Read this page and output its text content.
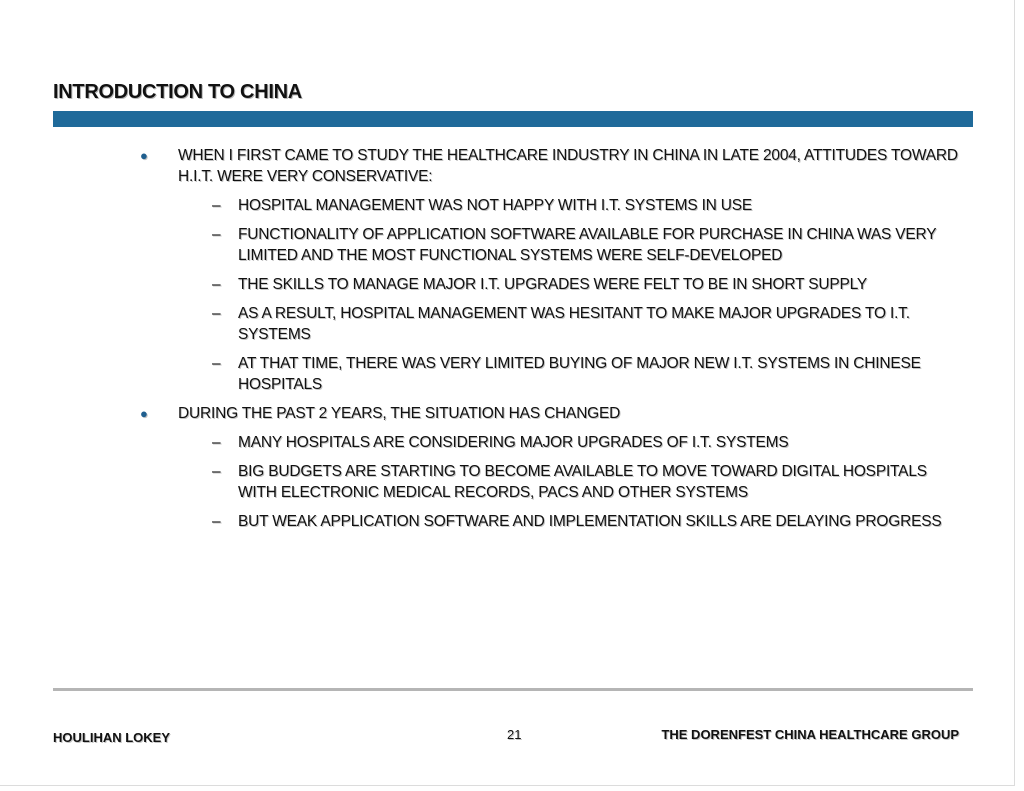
INTRODUCTION TO CHINA
● WHEN I FIRST CAME TO STUDY THE HEALTHCARE INDUSTRY IN CHINA IN LATE 2004, ATTITUDES TOWARD H.I.T. WERE VERY CONSERVATIVE:
– HOSPITAL MANAGEMENT WAS NOT HAPPY WITH I.T. SYSTEMS IN USE
– FUNCTIONALITY OF APPLICATION SOFTWARE AVAILABLE FOR PURCHASE IN CHINA WAS VERY LIMITED AND THE MOST FUNCTIONAL SYSTEMS WERE SELF-DEVELOPED
– THE SKILLS TO MANAGE MAJOR I.T. UPGRADES WERE FELT TO BE IN SHORT SUPPLY
– AS A RESULT, HOSPITAL MANAGEMENT WAS HESITANT TO MAKE MAJOR UPGRADES TO I.T. SYSTEMS
– AT THAT TIME, THERE WAS VERY LIMITED BUYING OF MAJOR NEW I.T. SYSTEMS IN CHINESE HOSPITALS
● DURING THE PAST 2 YEARS, THE SITUATION HAS CHANGED
– MANY HOSPITALS ARE CONSIDERING MAJOR UPGRADES OF I.T. SYSTEMS
– BIG BUDGETS ARE STARTING TO BECOME AVAILABLE TO MOVE TOWARD DIGITAL HOSPITALS WITH ELECTRONIC MEDICAL RECORDS, PACS AND OTHER SYSTEMS
– BUT WEAK APPLICATION SOFTWARE AND IMPLEMENTATION SKILLS ARE DELAYING PROGRESS
HOULIHAN LOKEY	21	THE DORENFEST CHINA HEALTHCARE GROUP
